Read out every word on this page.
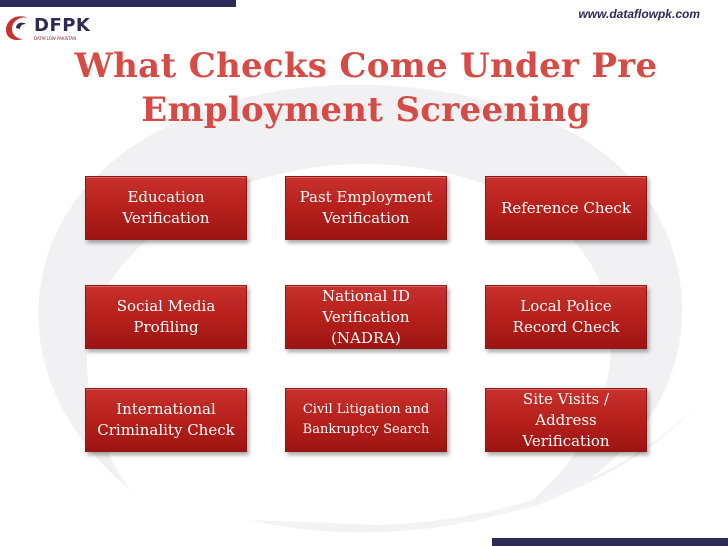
DFPK
DATAFLOW PAKISTAN
www.dataflowpk.com
What Checks Come Under Pre Employment Screening
Education Verification
Past Employment Verification
Reference Check
Social Media Profiling
National ID Verification (NADRA)
Local Police Record Check
International Criminality Check
Civil Litigation and Bankruptcy Search
Site Visits / Address Verification
